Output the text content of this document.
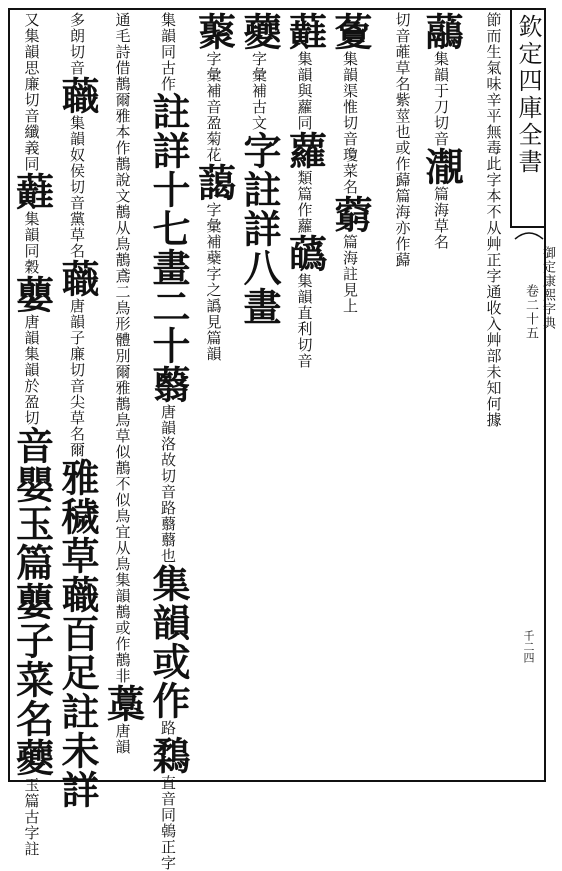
欽定四庫全書
御定康熙字典
卷二十五
千二四
節而生氣味辛平無毒此字本不从艸正字通收入艸部未知何據
虉集韻于刀切音㵾篇海草名
切音蓶草名紫莖也或作蘬篇海亦作蘬
藑集韻渠惟切音瓊菜名藭篇海註見上
蘳集韻與蘿同蘿類篇作蘿蘤集韻直利切音
蘷字彙補古文字註詳八畫
藂字彙補音盈菊花藹字彙補蘗字之譌見篇韻
集韻同古作註詳十七畫二十蘙唐韻洛故切音路蘙蘙也集韻或作路鶔直音同鵫正字
通毛詩借鶄爾雅本作鶄說文鶄从鳥鶄鳶二鳥形體別爾雅鶄鳥草似鶄不似鳥宜从鳥集韻鶄或作鶄非藁唐韻
多朗切音蘵集韻奴侯切音黨草名蘵唐韻子廉切音尖草名爾雅穢草蘵百足註未詳
又集韻思廉切音纖義同蘳集韻同穀蘡唐韻集韻於盈切音嬰玉篇蘡子菜名蘷玉篇古字註
